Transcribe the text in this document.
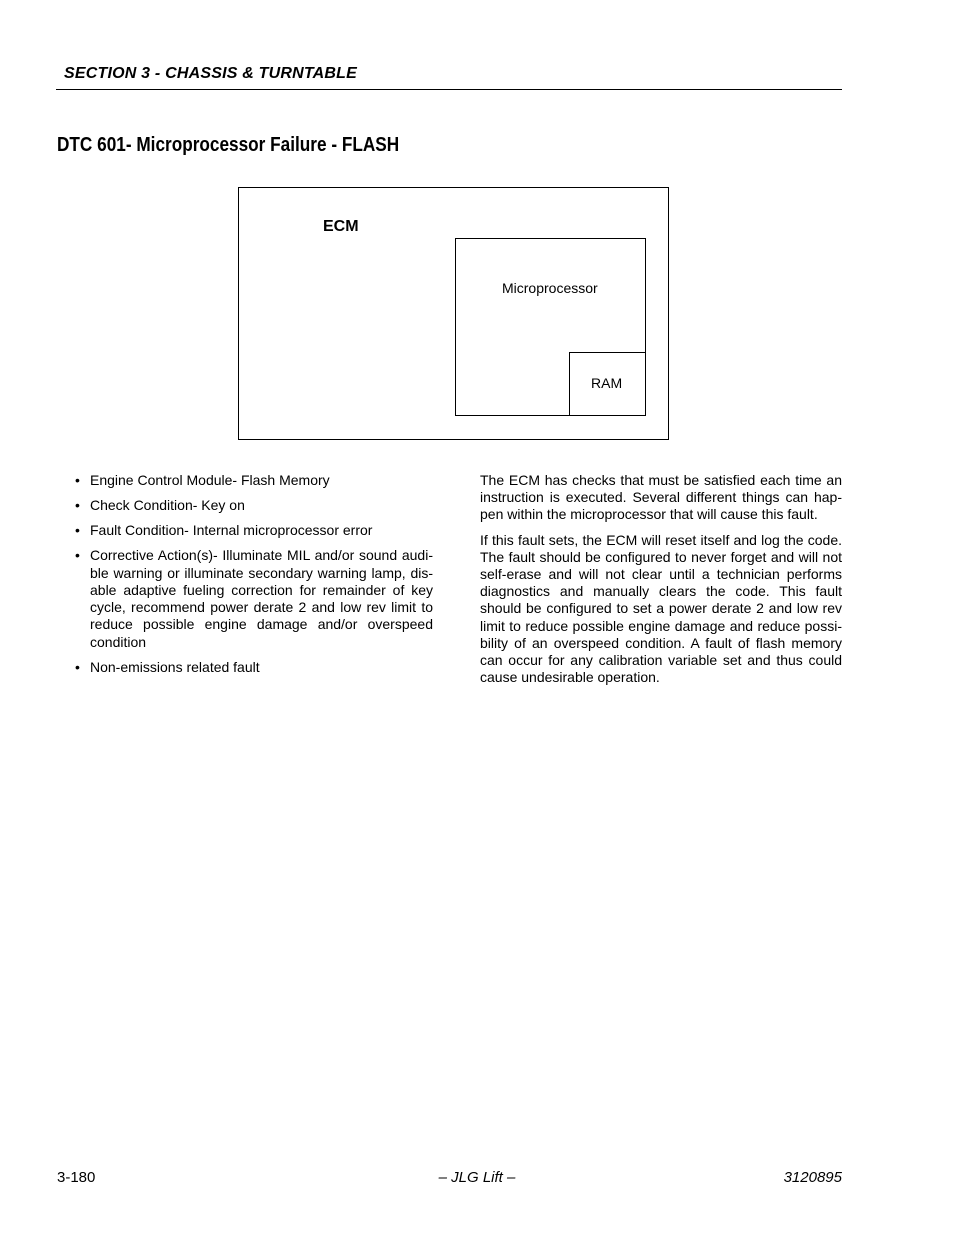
SECTION 3 - CHASSIS & TURNTABLE
DTC 601- Microprocessor Failure - FLASH
ECM
Microprocessor
RAM
• Engine Control Module- Flash Memory
• Check Condition- Key on
• Fault Condition- Internal microprocessor error
• Corrective Action(s)- Illuminate MIL and/or sound audi-ble warning or illuminate secondary warning lamp, dis-able adaptive fueling correction for remainder of key cycle, recommend power derate 2 and low rev limit to reduce possible engine damage and/or overspeed condition
• Non-emissions related fault

The ECM has checks that must be satisfied each time an instruction is executed. Several different things can hap-pen within the microprocessor that will cause this fault.

If this fault sets, the ECM will reset itself and log the code. The fault should be configured to never forget and will not self-erase and will not clear until a technician performs diagnostics and manually clears the code. This fault should be configured to set a power derate 2 and low rev limit to reduce possible engine damage and reduce possi-bility of an overspeed condition. A fault of flash memory can occur for any calibration variable set and thus could cause undesirable operation.

3-180	– JLG Lift –	3120895
